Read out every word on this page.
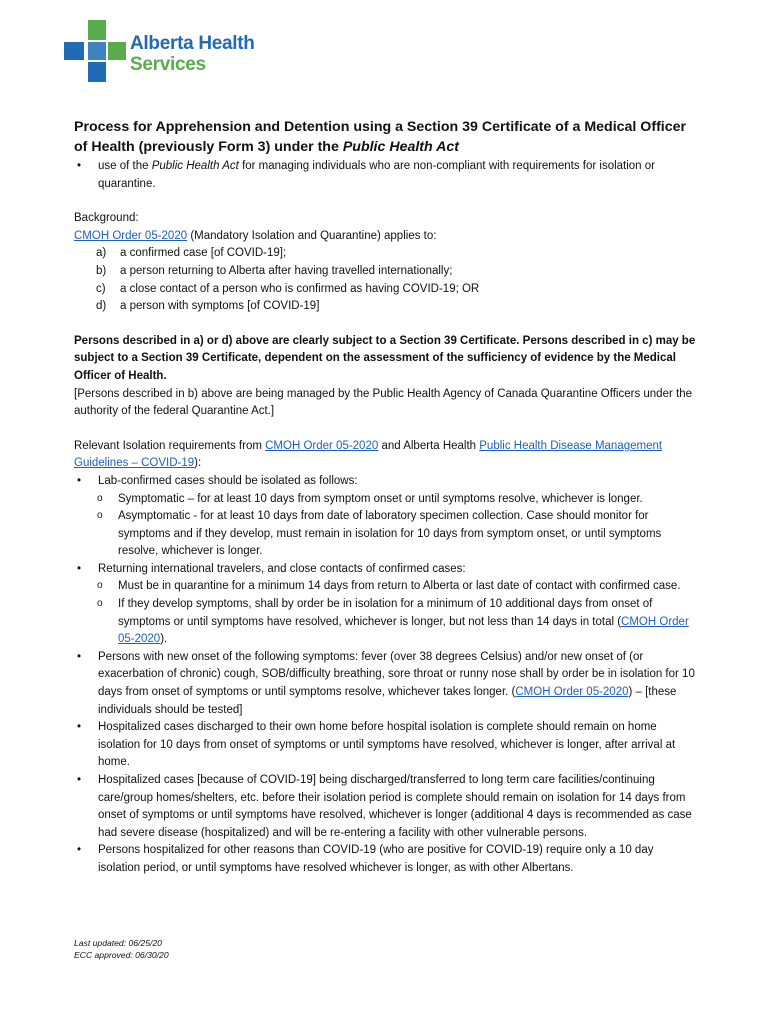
Alberta Health
Services
Process for Apprehension and Detention using a Section 39 Certificate of a Medical Officer of Health (previously Form 3) under the Public Health Act
• use of the Public Health Act for managing individuals who are non-compliant with requirements for isolation or quarantine.

Background:

CMOH Order 05-2020 (Mandatory Isolation and Quarantine) applies to:

a) a confirmed case [of COVID-19];
b) a person returning to Alberta after having travelled internationally;
c) a close contact of a person who is confirmed as having COVID-19; OR
d) a person with symptoms [of COVID-19]

Persons described in a) or d) above are clearly subject to a Section 39 Certificate. Persons described in c) may be subject to a Section 39 Certificate, dependent on the assessment of the sufficiency of evidence by the Medical Officer of Health.

[Persons described in b) above are being managed by the Public Health Agency of Canada Quarantine Officers under the authority of the federal Quarantine Act.]

Relevant Isolation requirements from CMOH Order 05-2020 and Alberta Health Public Health Disease Management Guidelines – COVID-19):

• Lab-confirmed cases should be isolated as follows:
o Symptomatic – for at least 10 days from symptom onset or until symptoms resolve, whichever is longer.
o Asymptomatic - for at least 10 days from date of laboratory specimen collection. Case should monitor for symptoms and if they develop, must remain in isolation for 10 days from symptom onset, or until symptoms resolve, whichever is longer.
• Returning international travelers, and close contacts of confirmed cases:
o Must be in quarantine for a minimum 14 days from return to Alberta or last date of contact with confirmed case.
o If they develop symptoms, shall by order be in isolation for a minimum of 10 additional days from onset of symptoms or until symptoms have resolved, whichever is longer, but not less than 14 days in total (CMOH Order 05-2020).
• Persons with new onset of the following symptoms: fever (over 38 degrees Celsius) and/or new onset of (or exacerbation of chronic) cough, SOB/difficulty breathing, sore throat or runny nose shall by order be in isolation for 10 days from onset of symptoms or until symptoms resolve, whichever takes longer. (CMOH Order 05-2020) – [these individuals should be tested]
• Hospitalized cases discharged to their own home before hospital isolation is complete should remain on home isolation for 10 days from onset of symptoms or until symptoms have resolved, whichever is longer, after arrival at home.
• Hospitalized cases [because of COVID-19] being discharged/transferred to long term care facilities/continuing care/group homes/shelters, etc. before their isolation period is complete should remain on isolation for 14 days from onset of symptoms or until symptoms have resolved, whichever is longer (additional 4 days is recommended as case had severe disease (hospitalized) and will be re-entering a facility with other vulnerable persons.
• Persons hospitalized for other reasons than COVID-19 (who are positive for COVID-19) require only a 10 day isolation period, or until symptoms have resolved whichever is longer, as with other Albertans.
Last updated: 06/25/20
ECC approved: 06/30/20
